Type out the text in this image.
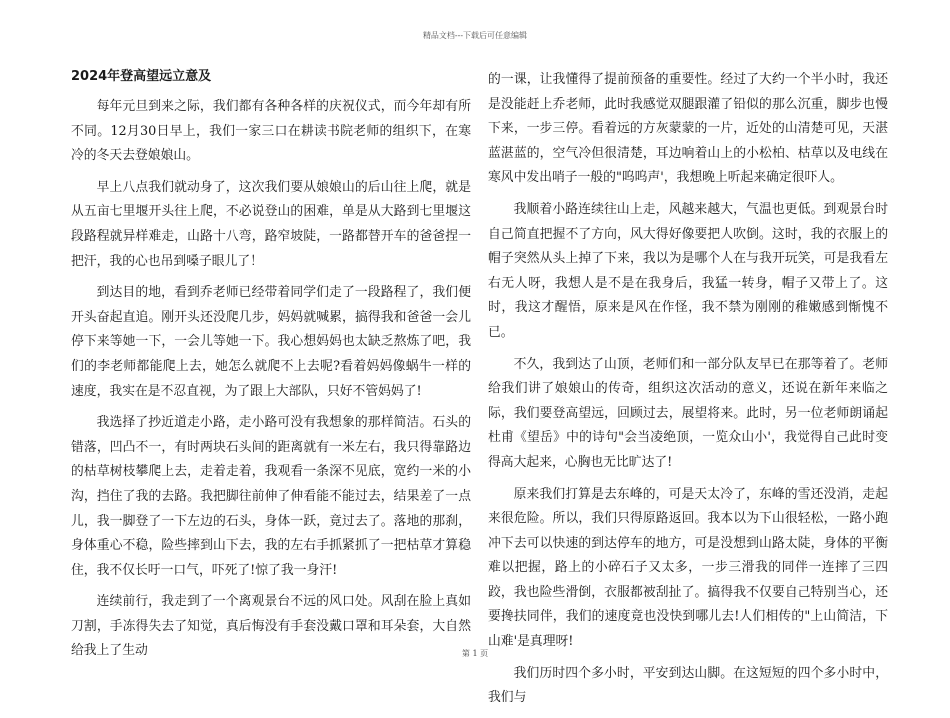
精品文档---下载后可任意编辑
2024年登高望远立意及

每年元旦到来之际，我们都有各种各样的庆祝仪式，而今年却有所不同。12月30日早上，我们一家三口在耕读书院老师的组织下，在寒冷的冬天去登娘娘山。

早上八点我们就动身了，这次我们要从娘娘山的后山往上爬，就是从五亩七里堰开头往上爬，不必说登山的困难，单是从大路到七里堰这段路程就异样难走，山路十八弯，路窄坡陡，一路都替开车的爸爸捏一把汗，我的心也吊到嗓子眼儿了！

到达目的地，看到乔老师已经带着同学们走了一段路程了，我们便开头奋起直追。刚开头还没爬几步，妈妈就喊累，搞得我和爸爸一会儿停下来等她一下，一会儿等她一下。我心想妈妈也太缺乏熬炼了吧，我们的李老师都能爬上去，她怎么就爬不上去呢?看着妈妈像蜗牛一样的速度，我实在是不忍直视，为了跟上大部队，只好不管妈妈了!

我选择了抄近道走小路，走小路可没有我想象的那样简洁。石头的错落，凹凸不一，有时两块石头间的距离就有一米左右，我只得靠路边的枯草树枝攀爬上去，走着走着，我观看一条深不见底，宽约一米的小沟，挡住了我的去路。我把脚往前伸了伸看能不能过去，结果差了一点儿，我一脚登了一下左边的石头，身体一跃，竟过去了。落地的那刹，身体重心不稳，险些摔到山下去，我的左右手抓紧抓了一把枯草才算稳住，我不仅长吁一口气，吓死了!惊了我一身汗!

连续前行，我走到了一个离观景台不远的风口处。风刮在脸上真如刀割，手冻得失去了知觉，真后悔没有手套没戴口罩和耳朵套，大自然给我上了生动

的一课，让我懂得了提前预备的重要性。经过了大约一个半小时，我还是没能赶上乔老师，此时我感觉双腿跟灌了铅似的那么沉重，脚步也慢下来，一步三停。看着远的方灰蒙蒙的一片，近处的山清楚可见，天湛蓝湛蓝的，空气冷但很清楚，耳边响着山上的小松柏、枯草以及电线在寒风中发出哨子一般的"呜呜声'，我想晚上听起来确定很吓人。

我顺着小路连续往山上走，风越来越大，气温也更低。到观景台时自己简直把握不了方向，风大得好像要把人吹倒。这时，我的衣服上的帽子突然从头上掉了下来，我以为是哪个人在与我开玩笑，可是我看左右无人呀，我想人是不是在我身后，我猛一转身，帽子又带上了。这时，我这才醒悟，原来是风在作怪，我不禁为刚刚的稚嫩感到惭愧不已。

不久，我到达了山顶，老师们和一部分队友早已在那等着了。老师给我们讲了娘娘山的传奇，组织这次活动的意义，还说在新年来临之际，我们要登高望远，回顾过去，展望将来。此时，另一位老师朗诵起杜甫《望岳》中的诗句"会当凌绝顶，一览众山小'，我觉得自己此时变得高大起来，心胸也无比旷达了!

原来我们打算是去东峰的，可是天太冷了，东峰的雪还没消，走起来很危险。所以，我们只得原路返回。我本以为下山很轻松，一路小跑冲下去可以快速的到达停车的地方，可是没想到山路太陡，身体的平衡难以把握，路上的小碎石子又太多，一步三滑我的同伴一连摔了三四跤，我也险些滑倒，衣服都被刮扯了。搞得我不仅要自己特别当心，还要搀扶同伴，我们的速度竟也没快到哪儿去!人们相传的"上山简洁，下山难'是真理呀!

我们历时四个多小时，平安到达山脚。在这短短的四个多小时中，我们与

第 1 页
